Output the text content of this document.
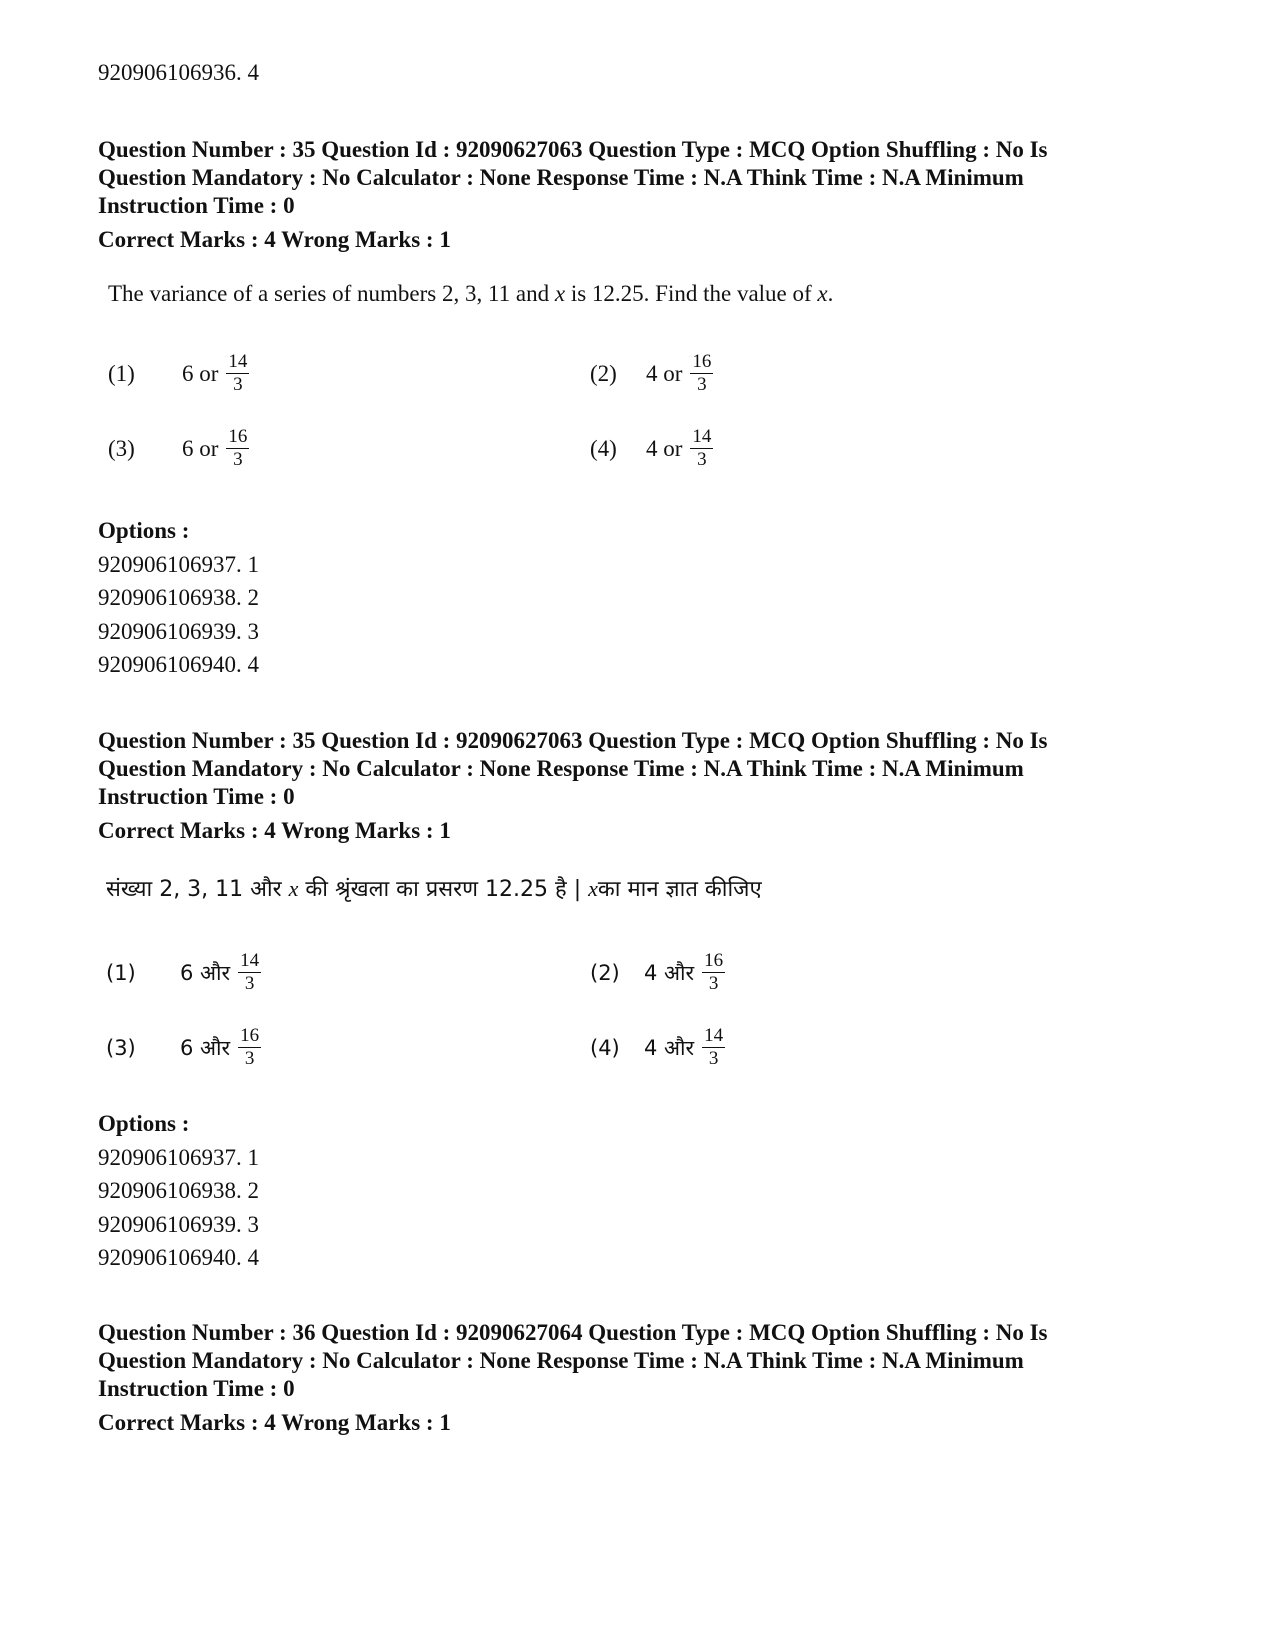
920906106936. 4

Question Number : 35 Question Id : 92090627063 Question Type : MCQ Option Shuffling : No Is

Question Mandatory : No Calculator : None Response Time : N.A Think Time : N.A Minimum

Instruction Time : 0

Correct Marks : 4 Wrong Marks : 1

The variance of a series of numbers 2, 3, 11 and x is 12.25. Find the value of x.
(1)	6 or $\frac{14}{3}$	(2)	4 or $\frac{16}{3}$
(3)	6 or $\frac{16}{3}$	(4)	4 or $\frac{14}{3}$
Options :
920906106937. 1
920906106938. 2
920906106939. 3
920906106940. 4

Question Number : 35 Question Id : 92090627063 Question Type : MCQ Option Shuffling : No Is

Question Mandatory : No Calculator : None Response Time : N.A Think Time : N.A Minimum

Instruction Time : 0

Correct Marks : 4 Wrong Marks : 1

संख्या 2, 3, 11 और x की श्रृंखला का प्रसरण 12.25 है | xका मान ज्ञात कीजिए
(1)	6 और $\frac{14}{3}$	(2)	4 और $\frac{16}{3}$
(3)	6 और $\frac{16}{3}$	(4)	4 और $\frac{14}{3}$
Options :
920906106937. 1
920906106938. 2
920906106939. 3
920906106940. 4

Question Number : 36 Question Id : 92090627064 Question Type : MCQ Option Shuffling : No Is

Question Mandatory : No Calculator : None Response Time : N.A Think Time : N.A Minimum

Instruction Time : 0

Correct Marks : 4 Wrong Marks : 1
